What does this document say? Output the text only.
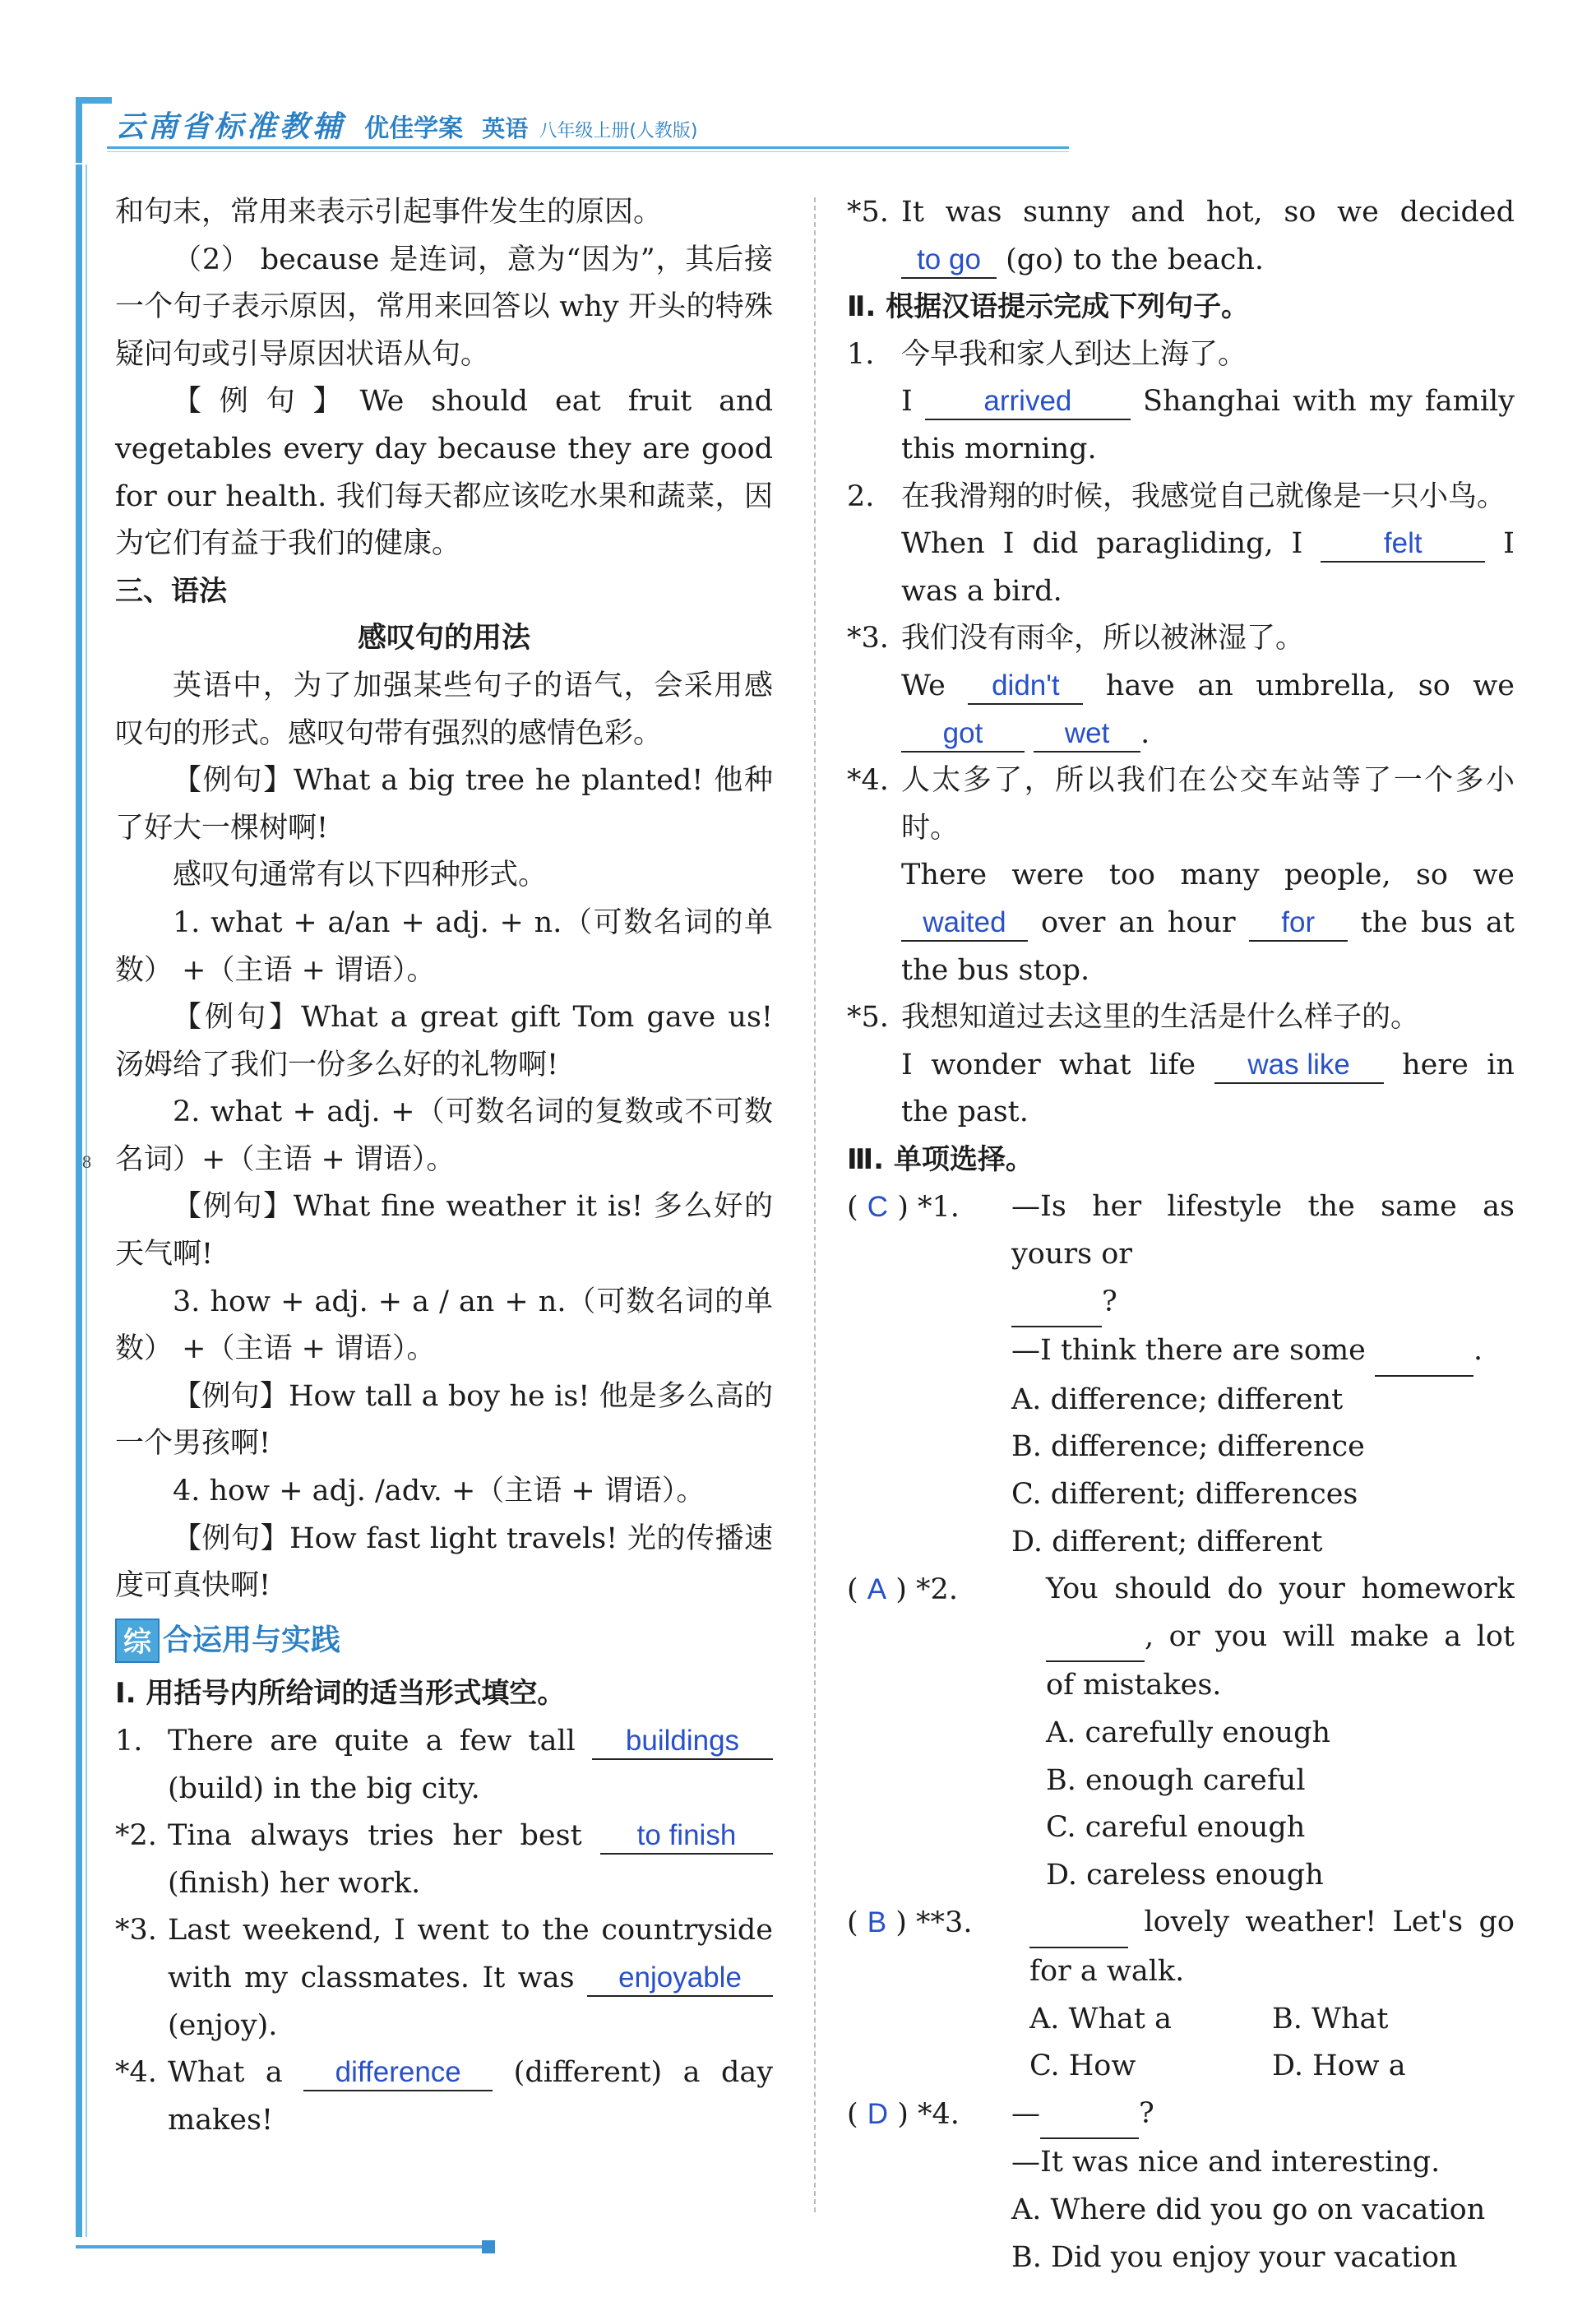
8
云南省标准教辅 优佳学案 英语 八年级上册(人教版)
和句末，常用来表示引起事件发生的原因。
（2） because 是连词，意为“因为”，其后接一个句子表示原因，常用来回答以 why 开头的特殊疑问句或引导原因状语从句。
【例句】We should eat fruit and vegetables every day because they are good for our health. 我们每天都应该吃水果和蔬菜，因为它们有益于我们的健康。
三、语法
感叹句的用法
英语中，为了加强某些句子的语气，会采用感叹句的形式。感叹句带有强烈的感情色彩。
【例句】What a big tree he planted! 他种了好大一棵树啊!
感叹句通常有以下四种形式。
1. what + a/an + adj. + n.（可数名词的单数） +（主语 + 谓语）。
【例句】What a great gift Tom gave us! 汤姆给了我们一份多么好的礼物啊!
2. what + adj. +（可数名词的复数或不可数名词）+（主语 + 谓语）。
【例句】What fine weather it is! 多么好的天气啊!
3. how + adj. + a / an + n.（可数名词的单数） +（主语 + 谓语）。
【例句】How tall a boy he is! 他是多么高的一个男孩啊!
4. how + adj. /adv. +（主语 + 谓语）。
【例句】How fast light travels! 光的传播速度可真快啊!
综 合运用与实践
Ⅰ. 用括号内所给词的适当形式填空。
1. There are quite a few tall buildings (build) in the big city.
*2. Tina always tries her best to finish (finish) her work.
*3. Last weekend, I went to the countryside with my classmates. It was enjoyable (enjoy).
*4. What a difference (different) a day makes!
*5. It was sunny and hot, so we decided to go (go) to the beach.
Ⅱ. 根据汉语提示完成下列句子。
1. 今早我和家人到达上海了。
I arrived Shanghai with my family this morning.
2. 在我滑翔的时候，我感觉自己就像是一只小鸟。
When I did paragliding, I	felt	I was a bird.
*3. 我们没有雨伞，所以被淋湿了。
We didn't have an umbrella, so we got	wet .
*4. 人太多了，所以我们在公交车站等了一个多小时。
There were too many people, so we waited over an hour for the bus at the bus stop.
*5. 我想知道过去这里的生活是什么样子的。
I wonder what life was like here in the past.
Ⅲ. 单项选择。
( C ) *1.	—Is her lifestyle the same as yours or
?
—I think there are some	.
A. difference; different
B. difference; difference
C. different; differences
D. different; different
( A ) *2.	You should do your homework  , or you will make a lot of mistakes.
A. carefully enough
B. enough careful
C. careful enough
D. careless enough
( B ) **3.	lovely weather! Let's go for a walk.
A. What a	B. What
C. How	D. How a
( D ) *4.	—	?
—It was nice and interesting.
A. Where did you go on vacation
B. Did you enjoy your vacation
